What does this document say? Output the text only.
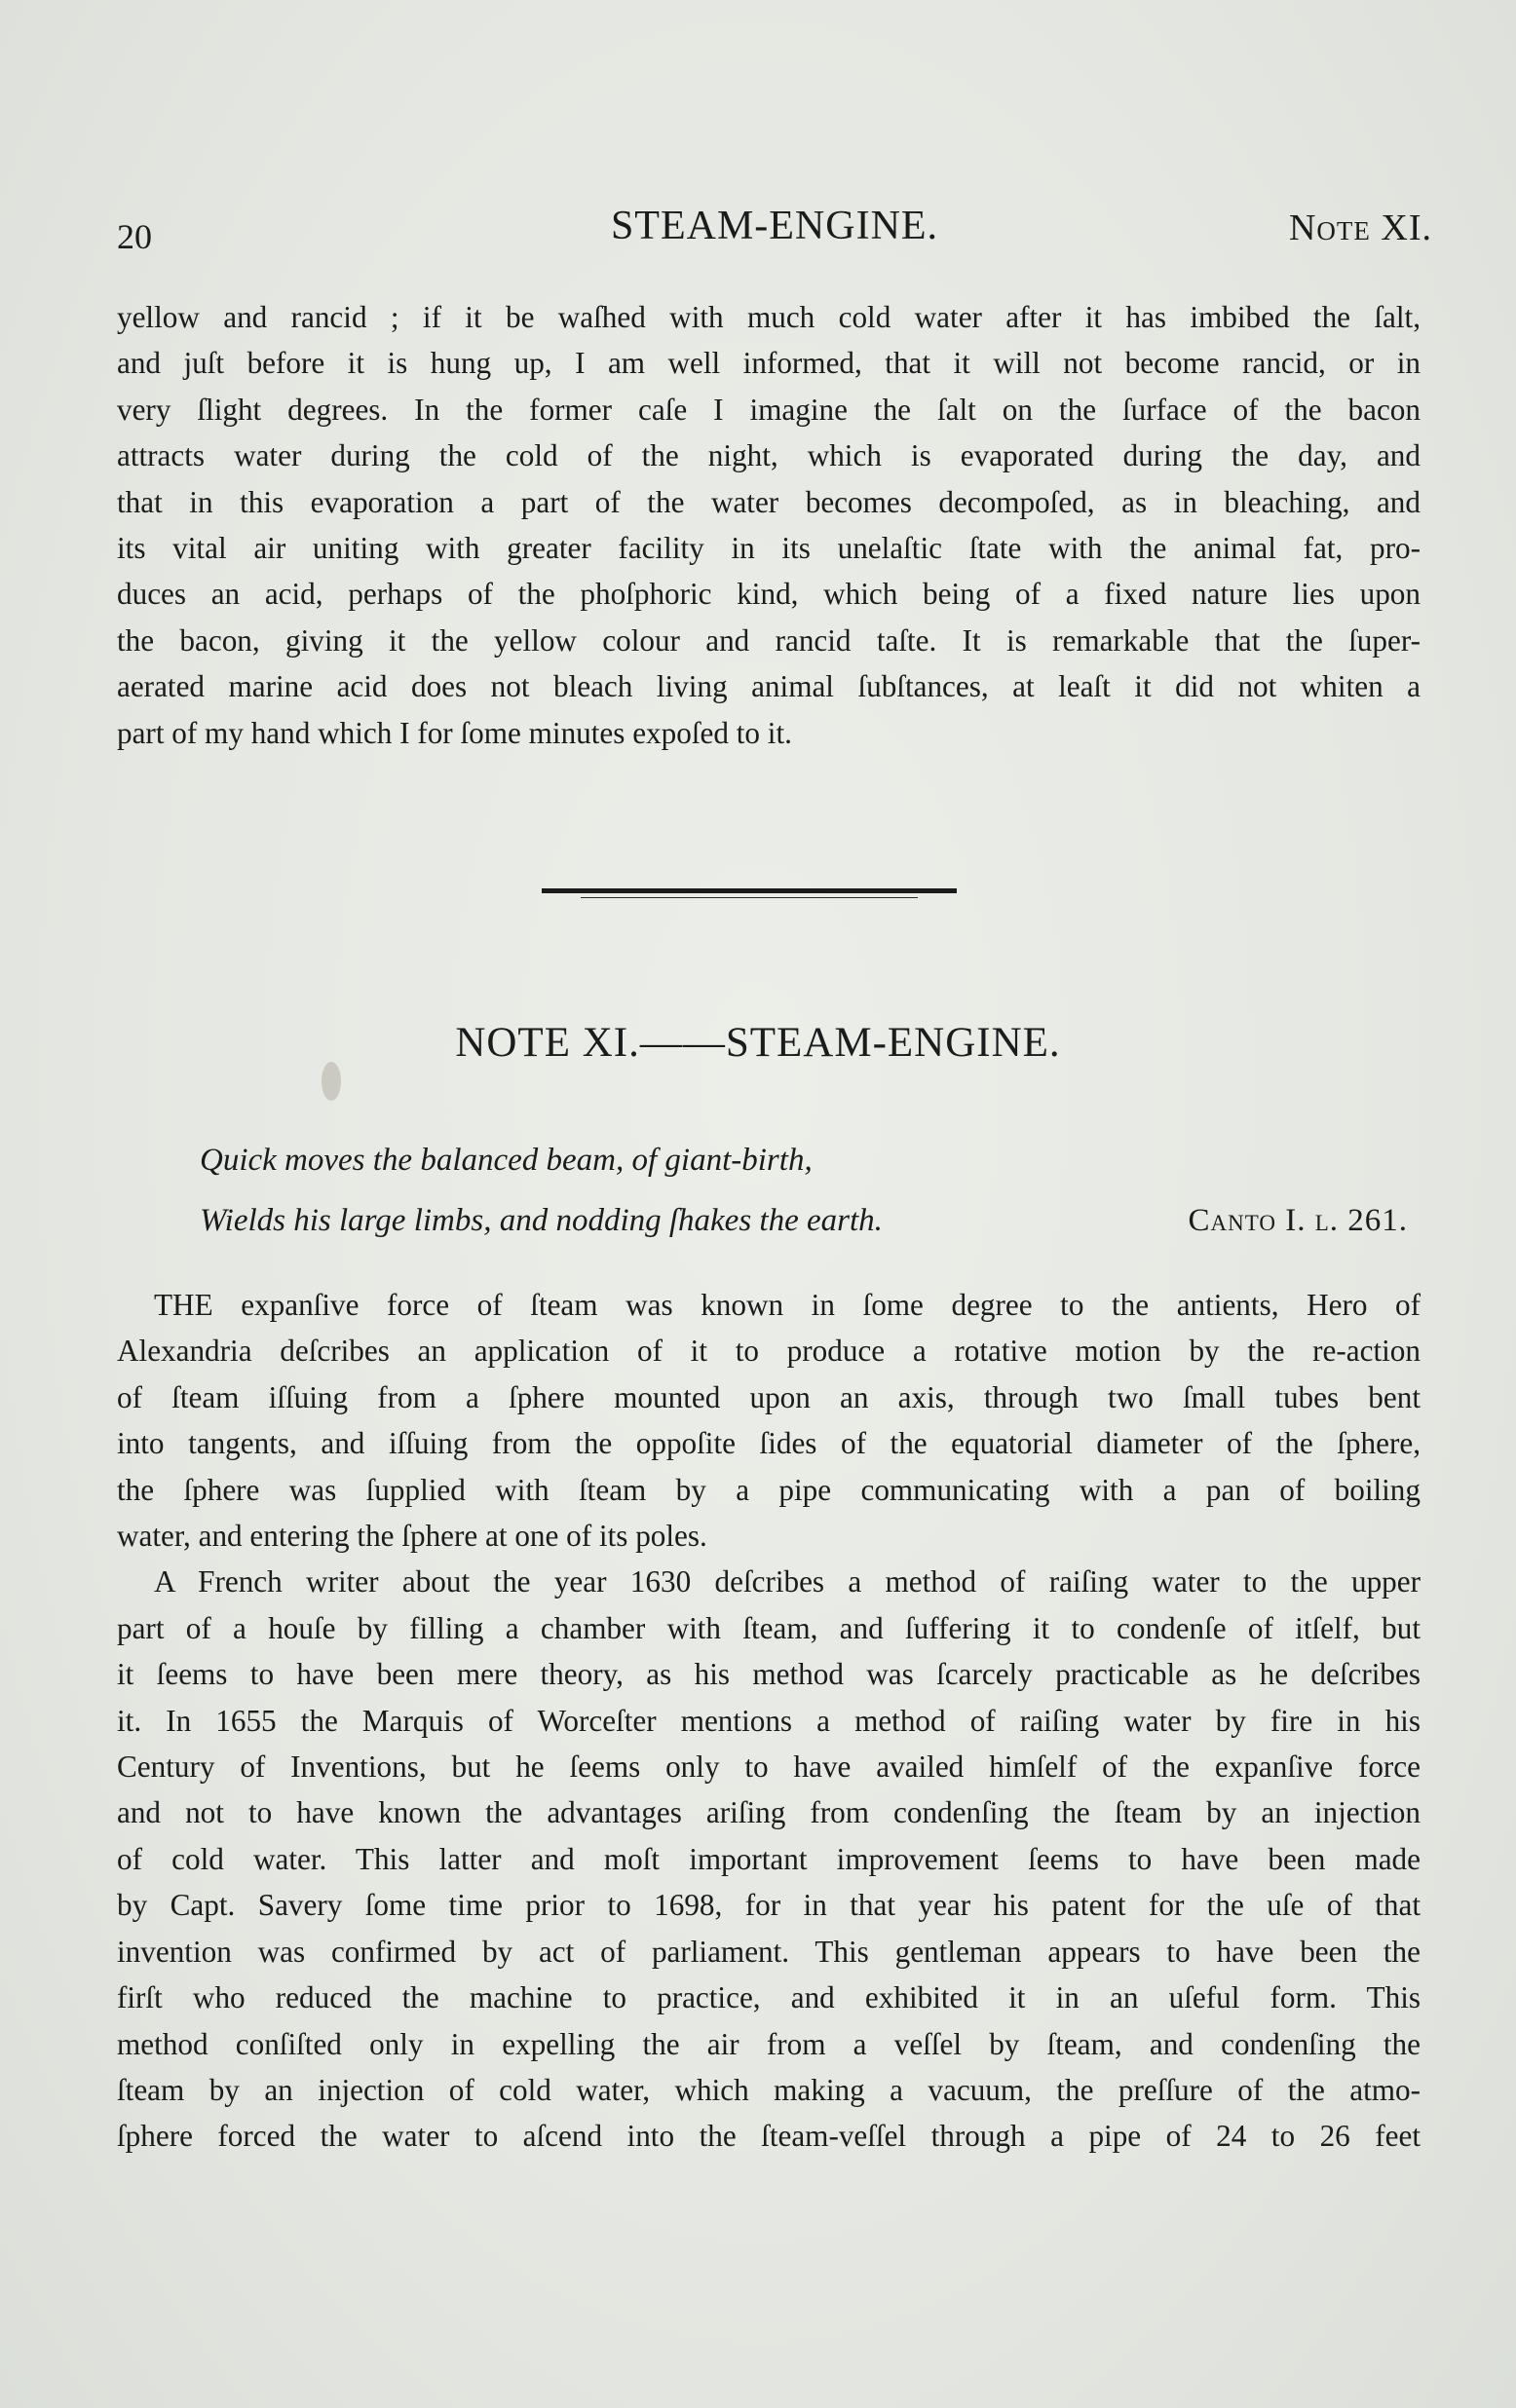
20	STEAM-ENGINE.	Note XI.
yellow and rancid ; if it be waſhed with much cold water after it has imbibed the ſalt,
and juſt before it is hung up, I am well informed, that it will not become rancid, or in
very ſlight degrees. In the former caſe I imagine the ſalt on the ſurface of the bacon
attracts water during the cold of the night, which is evaporated during the day, and
that in this evaporation a part of the water becomes decompoſed, as in bleaching, and
its vital air uniting with greater facility in its unelaſtic ſtate with the animal fat, pro-
duces an acid, perhaps of the phoſphoric kind, which being of a fixed nature lies upon
the bacon, giving it the yellow colour and rancid taſte. It is remarkable that the ſuper-
aerated marine acid does not bleach living animal ſubſtances, at leaſt it did not whiten a
part of my hand which I for ſome minutes expoſed to it.
NOTE XI.——STEAM-ENGINE.
Quick moves the balanced beam, of giant-birth,
Wields his large limbs, and nodding ſhakes the earth.	Canto I. l. 261.
THE expanſive force of ſteam was known in ſome degree to the antients, Hero of
Alexandria deſcribes an application of it to produce a rotative motion by the re-action
of ſteam iſſuing from a ſphere mounted upon an axis, through two ſmall tubes bent
into tangents, and iſſuing from the oppoſite ſides of the equatorial diameter of the ſphere,
the ſphere was ſupplied with ſteam by a pipe communicating with a pan of boiling
water, and entering the ſphere at one of its poles.
A French writer about the year 1630 deſcribes a method of raiſing water to the upper
part of a houſe by filling a chamber with ſteam, and ſuffering it to condenſe of itſelf, but
it ſeems to have been mere theory, as his method was ſcarcely practicable as he deſcribes
it. In 1655 the Marquis of Worceſter mentions a method of raiſing water by fire in his
Century of Inventions, but he ſeems only to have availed himſelf of the expanſive force
and not to have known the advantages ariſing from condenſing the ſteam by an injection
of cold water. This latter and moſt important improvement ſeems to have been made
by Capt. Savery ſome time prior to 1698, for in that year his patent for the uſe of that
invention was confirmed by act of parliament. This gentleman appears to have been the
firſt who reduced the machine to practice, and exhibited it in an uſeful form. This
method conſiſted only in expelling the air from a veſſel by ſteam, and condenſing the
ſteam by an injection of cold water, which making a vacuum, the preſſure of the atmo-
ſphere forced the water to aſcend into the ſteam-veſſel through a pipe of 24 to 26 feet
